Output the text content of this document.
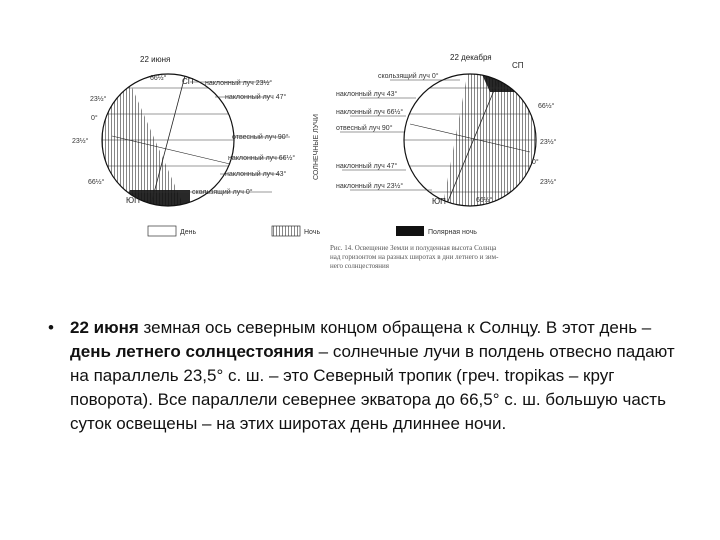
22 июня
СП
ЮП
66½°
23½°
0°
23½°
66½°
наклонный луч 23½°
наклонный луч 47°
отвесный луч 90°
наклонный луч 66½°
наклонный луч 43°
скользящий луч 0°
СОЛНЕЧНЫЕ ЛУЧИ
22 декабря
СП
ЮП
66½°
23½°
0°
23½°
66½°
скользящий луч 0°
наклонный луч 43°
наклонный луч 66½°
отвесный луч 90°
наклонный луч 47°
наклонный луч 23½°
День	Ночь	Полярная ночь
Рис. 14. Освещение Земли и полуденная высота Солнца
над горизонтом на разных широтах в дни летнего и зим-
него солнцестояния
• 22 июня земная ось северным концом обращена к Солнцу. В этот день – день летнего солнцестояния – солнечные лучи в полдень отвесно падают на параллель 23,5° с. ш. – это Северный тропик (греч. tropikas – круг поворота). Все параллели севернее экватора до 66,5° с. ш. большую часть суток освещены – на этих широтах день длиннее ночи.
